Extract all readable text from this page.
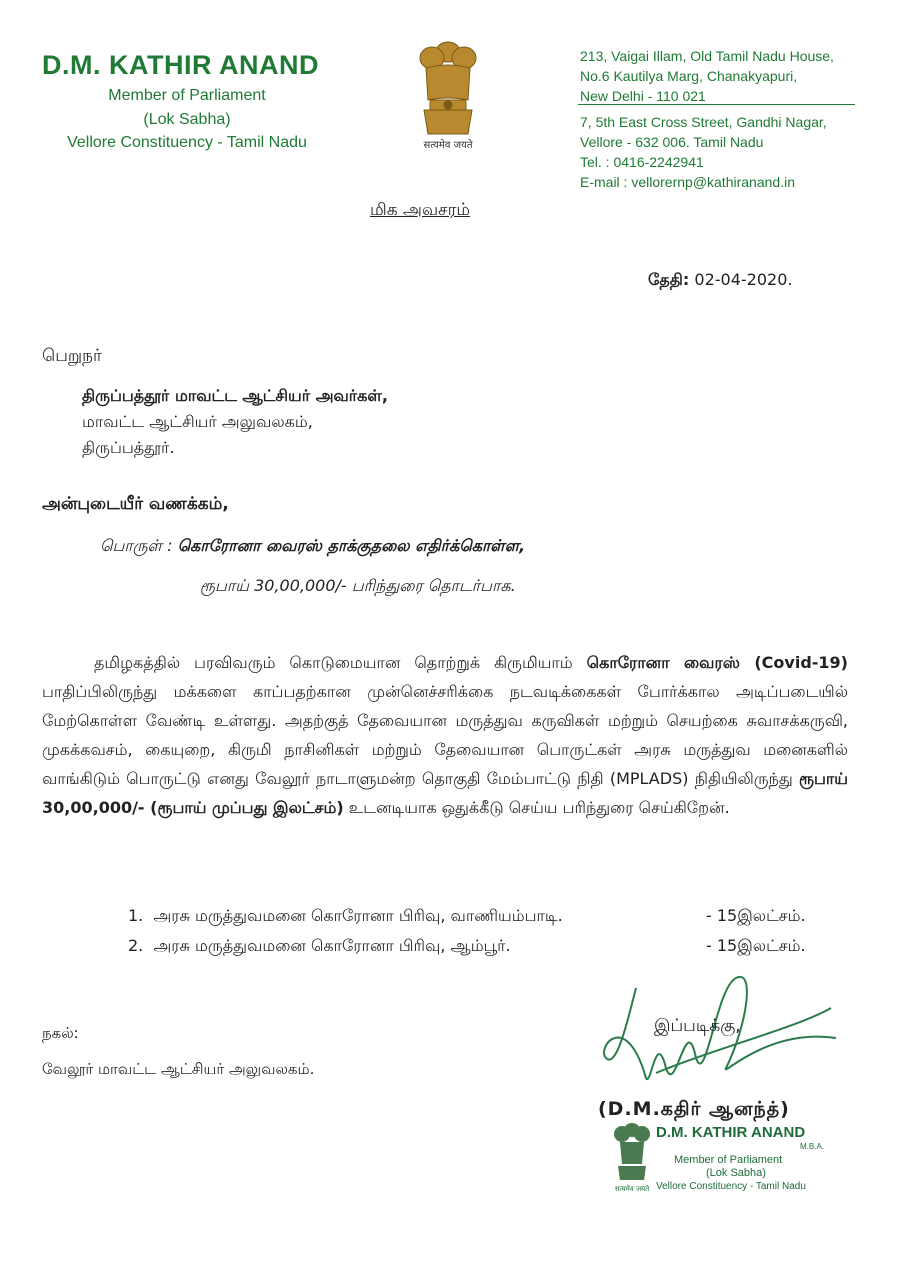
D.M. KATHIR ANAND
Member of Parliament
(Lok Sabha)
Vellore Constituency - Tamil Nadu	सत्यमेव जयते
213, Vaigai Illam, Old Tamil Nadu House,
No.6 Kautilya Marg, Chanakyapuri,
New Delhi - 110 021
7, 5th East Cross Street, Gandhi Nagar,
Vellore - 632 006. Tamil Nadu
Tel. : 0416-2242941
E-mail : vellorernp@kathiranand.in
மிக அவசரம்
தேதி: 02-04-2020.
பெறுநர்
திருப்பத்தூர் மாவட்ட ஆட்சியர் அவர்கள்,
மாவட்ட ஆட்சியர் அலுவலகம்,
திருப்பத்தூர்.
அன்புடையீர் வணக்கம்,
பொருள் : கொரோனா வைரஸ் தாக்குதலை எதிர்க்கொள்ள,
ரூபாய் 30,00,000/- பரிந்துரை தொடர்பாக.
தமிழகத்தில் பரவிவரும் கொடுமையான தொற்றுக் கிருமியாம் கொரோனா வைரஸ் (Covid-19) பாதிப்பிலிருந்து மக்களை காப்பதற்கான முன்னெச்சரிக்கை நடவடிக்கைகள் போர்க்கால அடிப்படையில் மேற்கொள்ள வேண்டி உள்ளது. அதற்குத் தேவையான மருத்துவ கருவிகள் மற்றும் செயற்கை சுவாசக்கருவி, முகக்கவசம், கையுறை, கிருமி நாசினிகள் மற்றும் தேவையான பொருட்கள் அரசு மருத்துவ மனைகளில் வாங்கிடும் பொருட்டு எனது வேலூர் நாடாளுமன்ற தொகுதி மேம்பாட்டு நிதி (MPLADS) நிதியிலிருந்து ரூபாய் 30,00,000/- (ரூபாய் முப்பது இலட்சம்) உடனடியாக ஒதுக்கீடு செய்ய பரிந்துரை செய்கிறேன்.
1. அரசு மருத்துவமனை கொரோனா பிரிவு, வாணியம்பாடி.	- 15இலட்சம்.
2. அரசு மருத்துவமனை கொரோனா பிரிவு, ஆம்பூர்.	- 15இலட்சம்.
நகல்:
வேலூர் மாவட்ட ஆட்சியர் அலுவலகம்.
இப்படிக்கு,
(D.M.கதிர் ஆனந்த்)
सत्यमेव जयते
D.M. KATHIR ANAND
M.B.A.
Member of Parliament
(Lok Sabha)
Vellore Constituency - Tamil Nadu
